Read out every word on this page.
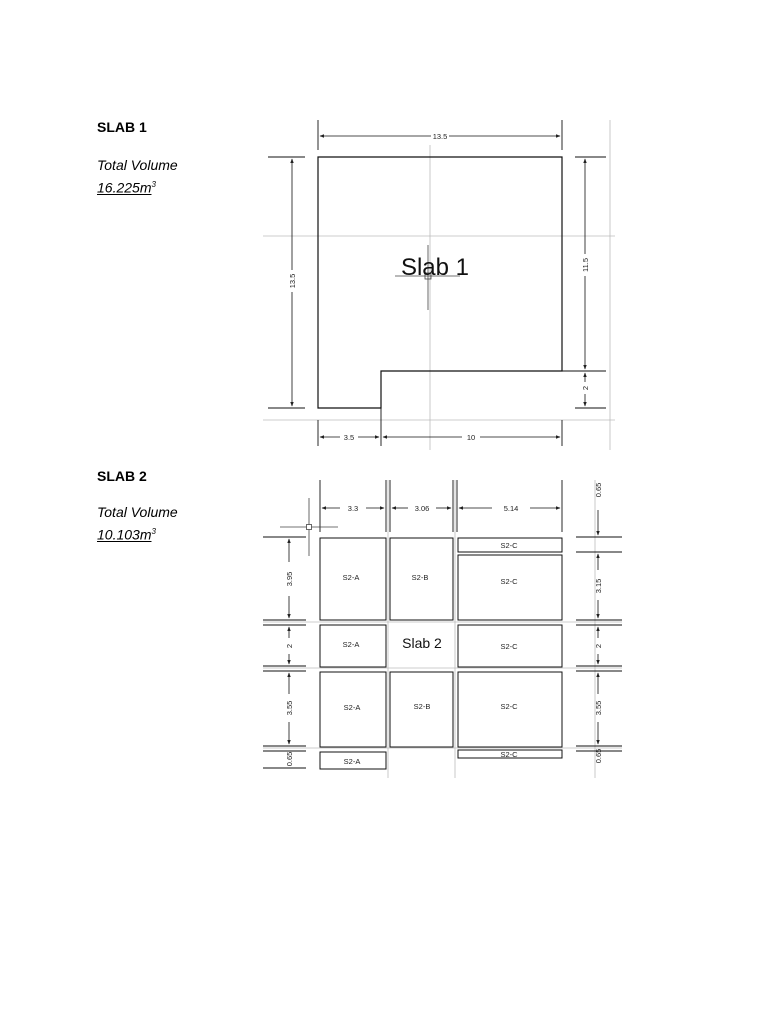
SLAB 1
Total Volume
$16.225m^3$
SLAB 2
Total Volume
$10.103m^3$
Slab 1
13.5
13.5
11.5
2
3.5	10
S2-A	S2-B
S2-C
S2-C
S2-A	Slab 2	S2-C
S2-A	S2-B	S2-C
S2-A
S2-C
3.3	3.06	5.14
0.65
3.95
2
3.55
0.65
3.15
2
3.55
0.65
